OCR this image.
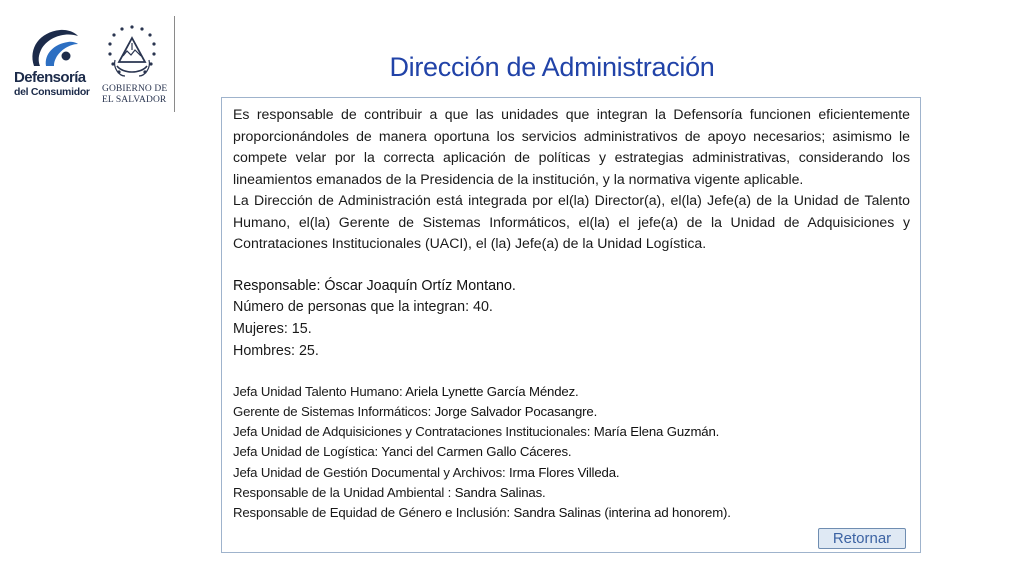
Defensoría
del Consumidor	GOBIERNO DE
EL SALVADOR
Dirección de Administración

Es responsable de contribuir a que las unidades que integran la Defensoría funcionen eficientemente proporcionándoles de manera oportuna los servicios administrativos de apoyo necesarios; asimismo le compete velar por la correcta aplicación de políticas y estrategias administrativas, considerando los lineamientos emanados de la Presidencia de la institución, y la normativa vigente aplicable.

La Dirección de Administración está integrada por el(la) Director(a), el(la) Jefe(a) de la Unidad de Talento Humano, el(la) Gerente de Sistemas Informáticos, el(la) el jefe(a) de la Unidad de Adquisiciones y Contrataciones Institucionales (UACI), el (la) Jefe(a) de la Unidad Logística.

Responsable: Óscar Joaquín Ortíz Montano.

Número de personas que la integran: 40.

Mujeres: 15.

Hombres: 25.

Jefa Unidad Talento Humano: Ariela Lynette García Méndez.

Gerente de Sistemas Informáticos: Jorge Salvador Pocasangre.

Jefa Unidad de Adquisiciones y Contrataciones Institucionales: María Elena Guzmán.

Jefa Unidad de Logística: Yanci del Carmen Gallo Cáceres.

Jefa Unidad de Gestión Documental y Archivos: Irma Flores Villeda.

Responsable de la Unidad Ambiental : Sandra Salinas.

Responsable de Equidad de Género e Inclusión: Sandra Salinas (interina ad honorem).

Retornar
